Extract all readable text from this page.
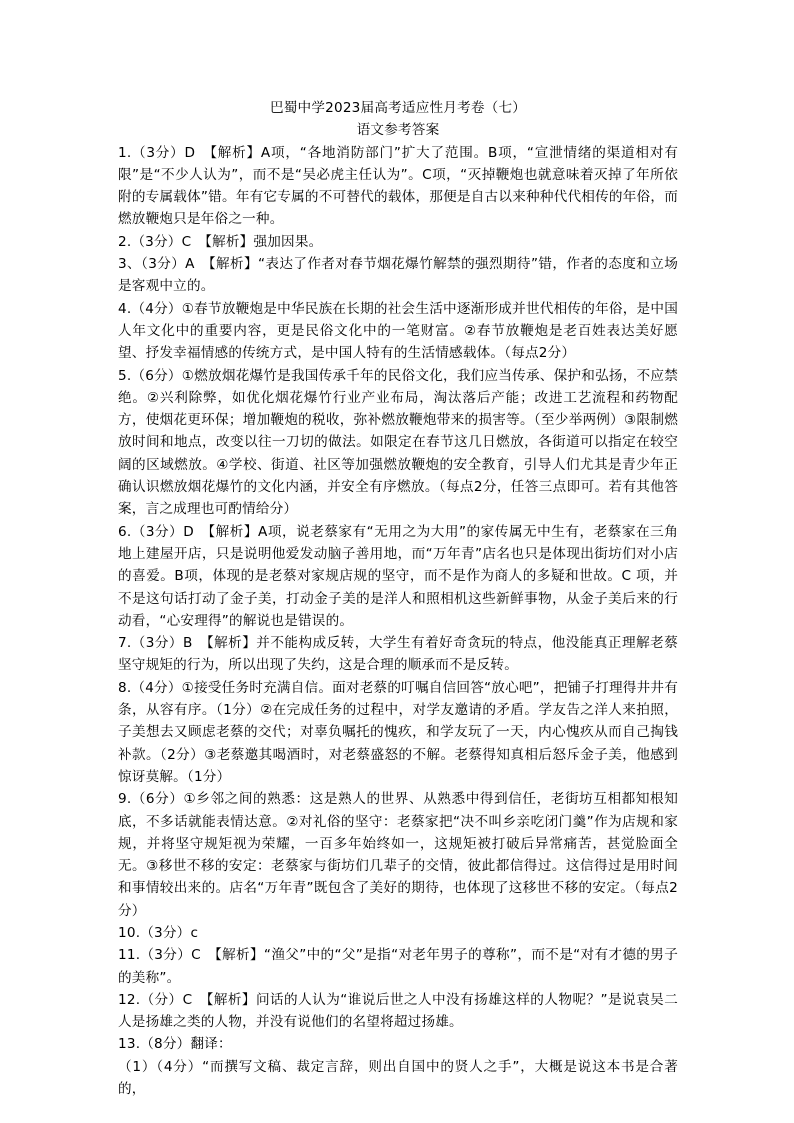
巴蜀中学2023届高考适应性月考卷（七）

语文参考答案

1.（3分）D　【解析】A项，“各地消防部门”扩大了范围。B项，“宣泄情绪的渠道相对有限”是“不少人认为”，而不是“吴必虎主任认为”。C项，“灭掉鞭炮也就意味着灭掉了年所依附的专属载体”错。年有它专属的不可替代的载体，那便是自古以来种种代代相传的年俗，而燃放鞭炮只是年俗之一种。

2.（3分）C　【解析】强加因果。

3、（3分）A　【解析】“表达了作者对春节烟花爆竹解禁的强烈期待”错，作者的态度和立场是客观中立的。

4.（4分）①春节放鞭炮是中华民族在长期的社会生活中逐渐形成并世代相传的年俗，是中国人年文化中的重要内容，更是民俗文化中的一笔财富。②春节放鞭炮是老百姓表达美好愿望、抒发幸福情感的传统方式，是中国人特有的生活情感载体。（每点2分）

5.（6分）①燃放烟花爆竹是我国传承千年的民俗文化，我们应当传承、保护和弘扬，不应禁绝。②兴利除弊，如优化烟花爆竹行业产业布局，淘汰落后产能；改进工艺流程和药物配方，使烟花更环保；增加鞭炮的税收，弥补燃放鞭炮带来的损害等。（至少举两例）③限制燃放时间和地点，改变以往一刀切的做法。如限定在春节这几日燃放，各街道可以指定在较空阔的区域燃放。④学校、街道、社区等加强燃放鞭炮的安全教育，引导人们尤其是青少年正确认识燃放烟花爆竹的文化内涵，并安全有序燃放。（每点2分，任答三点即可。若有其他答案，言之成理也可酌情给分）

6.（3分）D　【解析】A项，说老蔡家有“无用之为大用”的家传属无中生有，老蔡家在三角地上建屋开店，只是说明他爱发动脑子善用地，而“万年青”店名也只是体现出街坊们对小店的喜爱。B项，体现的是老蔡对家规店规的坚守，而不是作为商人的多疑和世故。C 项，并不是这句话打动了金子美，打动金子美的是洋人和照相机这些新鲜事物，从金子美后来的行动看，“心安理得”的解说也是错误的。

7.（3分）B　【解析】并不能构成反转，大学生有着好奇贪玩的特点，他没能真正理解老蔡坚守规矩的行为，所以出现了失约，这是合理的顺承而不是反转。

8.（4分）①接受任务时充满自信。面对老蔡的叮嘱自信回答“放心吧”，把铺子打理得井井有条，从容有序。（1分）②在完成任务的过程中，对学友邀请的矛盾。学友告之洋人来拍照，子美想去又顾虑老蔡的交代；对辜负嘱托的愧疚，和学友玩了一天，内心愧疚从而自己掏钱补款。（2分）③老蔡邀其喝酒时，对老蔡盛怒的不解。老蔡得知真相后怒斥金子美，他感到惊讶莫解。（1分）

9.（6分）①乡邻之间的熟悉：这是熟人的世界、从熟悉中得到信任，老街坊互相都知根知底，不多话就能表情达意。②对礼俗的坚守：老蔡家把“决不叫乡亲吃闭门羹”作为店规和家规，并将坚守规矩视为荣耀，一百多年始终如一，这规矩被打破后异常痛苦，甚觉脸面全无。③移世不移的安定：老蔡家与街坊们几辈子的交情，彼此都信得过。这信得过是用时间和事情较出来的。店名“万年青”既包含了美好的期待，也体现了这移世不移的安定。（每点2分）

10.（3分）c

11.（3分）C　【解析】“渔父”中的“父”是指“对老年男子的尊称”，而不是“对有才德的男子的美称”。

12.（分）C　【解析】问话的人认为“谁说后世之人中没有扬雄这样的人物呢？”是说袁吴二人是扬雄之类的人物，并没有说他们的名望将超过扬雄。

13.（8分）翻译：

（1）（4分）“而撰写文稿、裁定言辞，则出自国中的贤人之手”，大概是说这本书是合著的，
